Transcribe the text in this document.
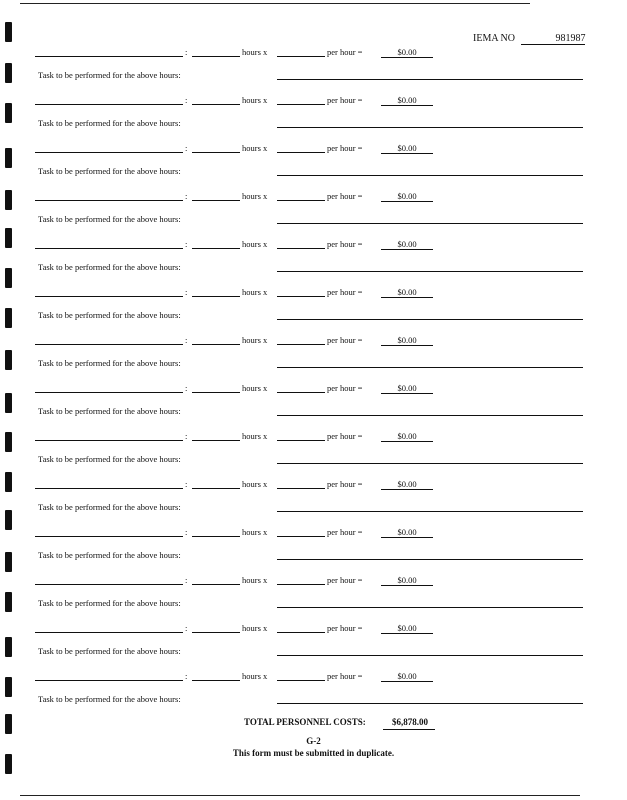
IEMA NO	981987
:	hours x	per hour =	$0.00
Task to be performed for the above hours:
:	hours x	per hour =	$0.00
Task to be performed for the above hours:
:	hours x	per hour =	$0.00
Task to be performed for the above hours:
:	hours x	per hour =	$0.00
Task to be performed for the above hours:
:	hours x	per hour =	$0.00
Task to be performed for the above hours:
:	hours x	per hour =	$0.00
Task to be performed for the above hours:
:	hours x	per hour =	$0.00
Task to be performed for the above hours:
:	hours x	per hour =	$0.00
Task to be performed for the above hours:
:	hours x	per hour =	$0.00
Task to be performed for the above hours:
:	hours x	per hour =	$0.00
Task to be performed for the above hours:
:	hours x	per hour =	$0.00
Task to be performed for the above hours:
:	hours x	per hour =	$0.00
Task to be performed for the above hours:
:	hours x	per hour =	$0.00
Task to be performed for the above hours:
:	hours x	per hour =	$0.00
Task to be performed for the above hours:
TOTAL PERSONNEL COSTS:	$6,878.00
G-2
This form must be submitted in duplicate.
